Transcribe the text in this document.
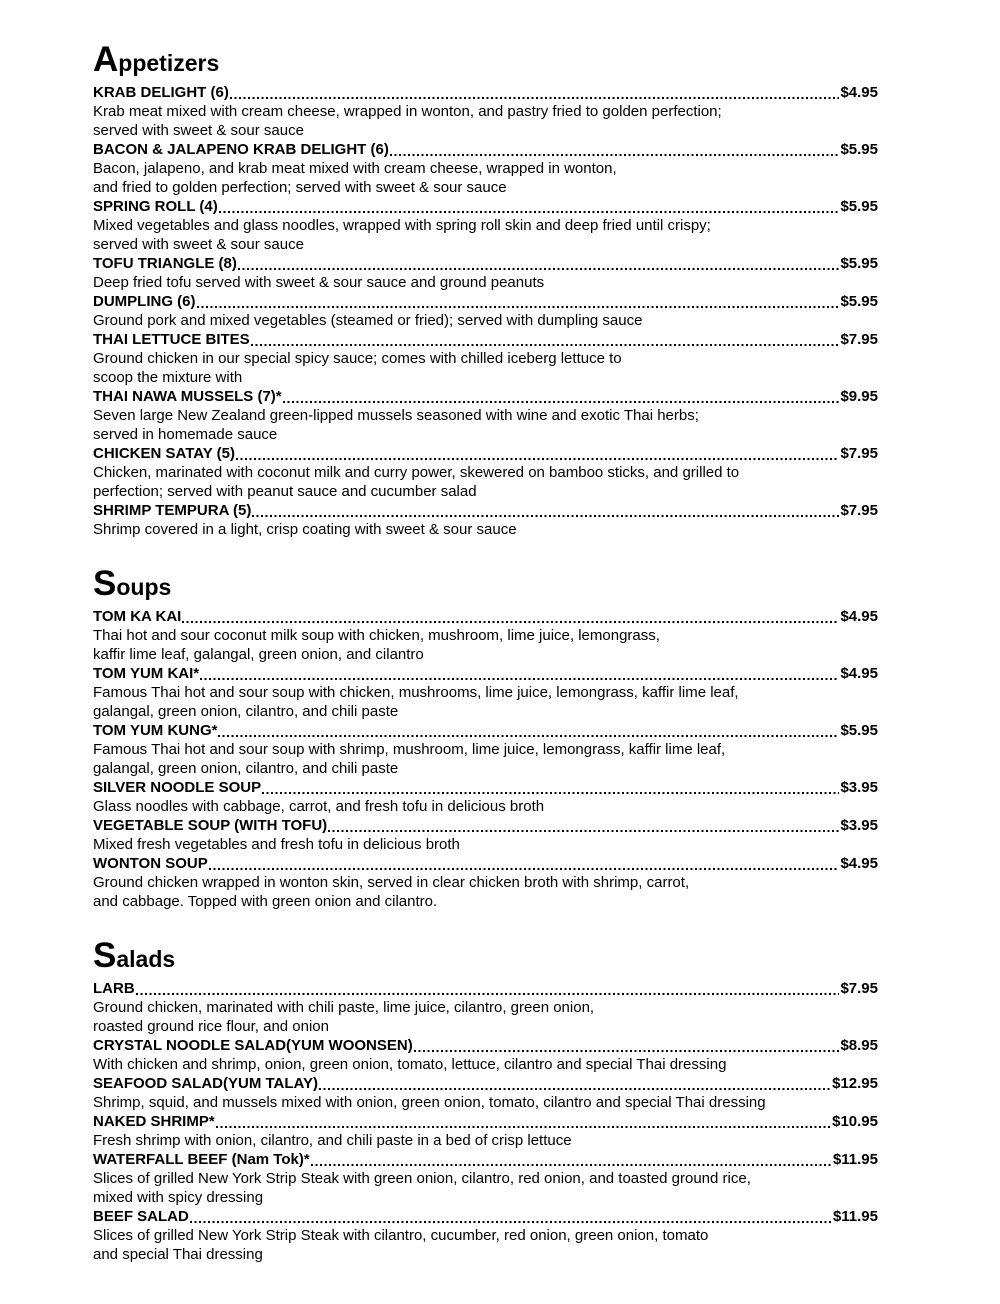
Appetizers
KRAB DELIGHT (6)	$4.95
Krab meat mixed with cream cheese, wrapped in wonton, and pastry fried to golden perfection;
served with sweet & sour sauce
BACON & JALAPENO KRAB DELIGHT (6)	$5.95
Bacon, jalapeno, and krab meat mixed with cream cheese, wrapped in wonton,
and fried to golden perfection; served with sweet & sour sauce
SPRING ROLL (4)	$5.95
Mixed vegetables and glass noodles, wrapped with spring roll skin and deep fried until crispy;
served with sweet & sour sauce
TOFU TRIANGLE (8)	$5.95
Deep fried tofu served with sweet & sour sauce and ground peanuts
DUMPLING (6)	$5.95
Ground pork and mixed vegetables (steamed or fried); served with dumpling sauce
THAI LETTUCE BITES	$7.95
Ground chicken in our special spicy sauce; comes with chilled iceberg lettuce to
scoop the mixture with
THAI NAWA MUSSELS (7)*	$9.95
Seven large New Zealand green-lipped mussels seasoned with wine and exotic Thai herbs;
served in homemade sauce
CHICKEN SATAY (5)	$7.95
Chicken, marinated with coconut milk and curry power, skewered on bamboo sticks, and grilled to
perfection; served with peanut sauce and cucumber salad
SHRIMP TEMPURA (5)	$7.95
Shrimp covered in a light, crisp coating with sweet & sour sauce
Soups
TOM KA KAI	$4.95
Thai hot and sour coconut milk soup with chicken, mushroom, lime juice, lemongrass,
kaffir lime leaf, galangal, green onion, and cilantro
TOM YUM KAI*	$4.95
Famous Thai hot and sour soup with chicken, mushrooms, lime juice, lemongrass, kaffir lime leaf,
galangal, green onion, cilantro, and chili paste
TOM YUM KUNG*	$5.95
Famous Thai hot and sour soup with shrimp, mushroom, lime juice, lemongrass, kaffir lime leaf,
galangal, green onion, cilantro, and chili paste
SILVER NOODLE SOUP	$3.95
Glass noodles with cabbage, carrot, and fresh tofu in delicious broth
VEGETABLE SOUP (WITH TOFU)	$3.95
Mixed fresh vegetables and fresh tofu in delicious broth
WONTON SOUP	$4.95
Ground chicken wrapped in wonton skin, served in clear chicken broth with shrimp, carrot,
and cabbage. Topped with green onion and cilantro.
Salads
LARB	$7.95
Ground chicken, marinated with chili paste, lime juice, cilantro, green onion,
roasted ground rice flour, and onion
CRYSTAL NOODLE SALAD(YUM WOONSEN)	$8.95
With chicken and shrimp, onion, green onion, tomato, lettuce, cilantro and special Thai dressing
SEAFOOD SALAD(YUM TALAY)	$12.95
Shrimp, squid, and mussels mixed with onion, green onion, tomato, cilantro and special Thai dressing
NAKED SHRIMP*	$10.95
Fresh shrimp with onion, cilantro, and chili paste in a bed of crisp lettuce
WATERFALL BEEF (Nam Tok)*	$11.95
Slices of grilled New York Strip Steak with green onion, cilantro, red onion, and toasted ground rice,
mixed with spicy dressing
BEEF SALAD	$11.95
Slices of grilled New York Strip Steak with cilantro, cucumber, red onion, green onion, tomato
and special Thai dressing
